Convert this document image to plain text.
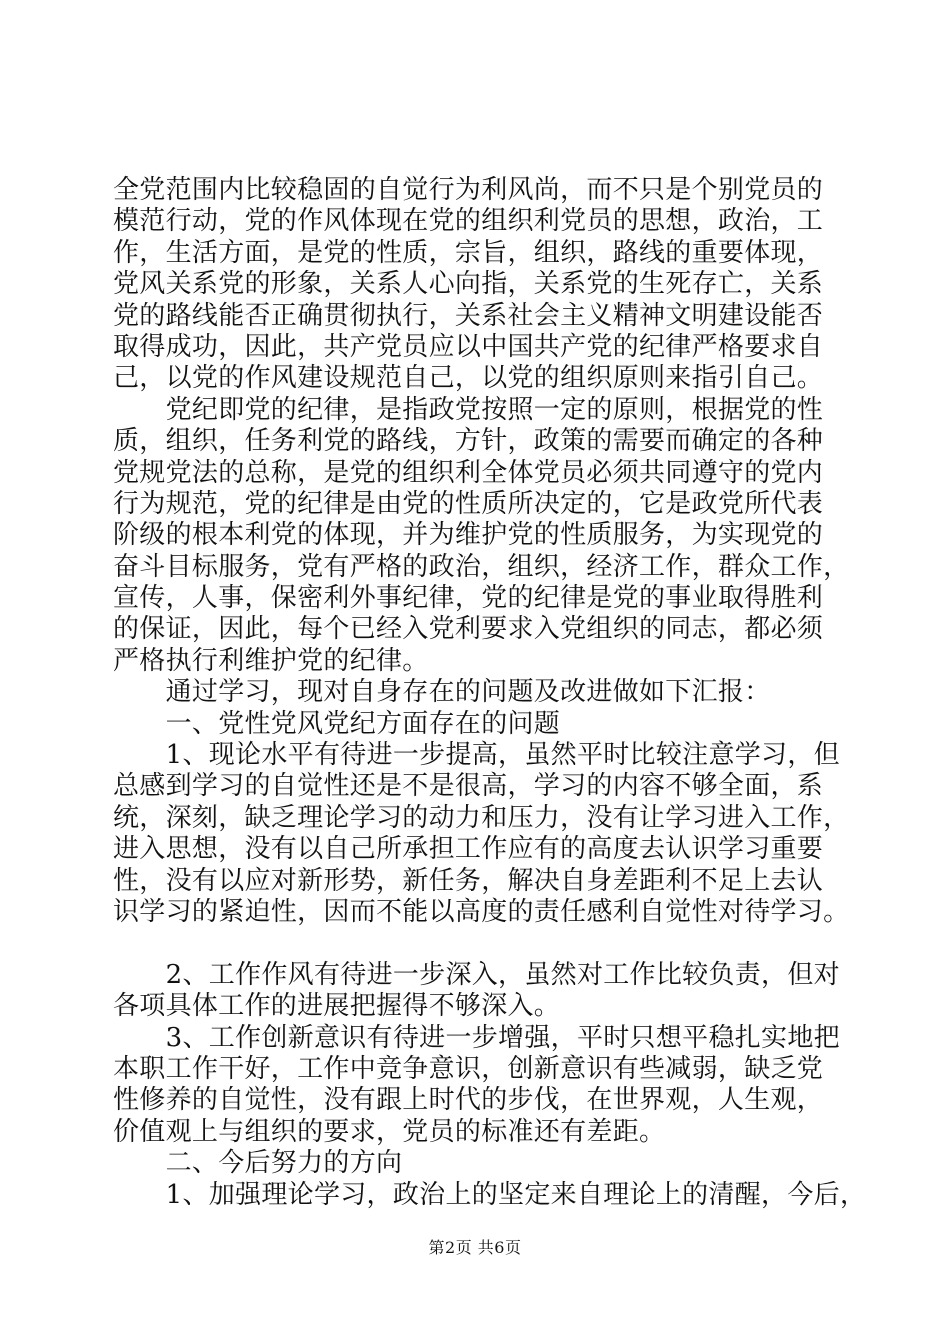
全党范围内比较稳固的自觉行为利风尚，而不只是个别党员的
模范行动，党的作风体现在党的组织利党员的思想，政治，工
作，生活方面，是党的性质，宗旨，组织，路线的重要体现，
党风关系党的形象，关系人心向指，关系党的生死存亡，关系
党的路线能否正确贯彻执行，关系社会主义精神文明建设能否
取得成功，因此，共产党员应以中国共产党的纪律严格要求自
己，以党的作风建设规范自己，以党的组织原则来指引自己。
　　党纪即党的纪律，是指政党按照一定的原则，根据党的性
质，组织，任务利党的路线，方针，政策的需要而确定的各种
党规党法的总称，是党的组织利全体党员必须共同遵守的党内
行为规范，党的纪律是由党的性质所决定的，它是政党所代表
阶级的根本利党的体现，并为维护党的性质服务，为实现党的
奋斗目标服务，党有严格的政治，组织，经济工作，群众工作，
宣传，人事，保密利外事纪律，党的纪律是党的事业取得胜利
的保证，因此，每个已经入党利要求入党组织的同志，都必须
严格执行利维护党的纪律。
　　通过学习，现对自身存在的问题及改进做如下汇报：
　　一、党性党风党纪方面存在的问题
　　1、现论水平有待进一步提高，虽然平时比较注意学习，但
总感到学习的自觉性还是不是很高，学习的内容不够全面，系
统，深刻，缺乏理论学习的动力和压力，没有让学习进入工作，
进入思想，没有以自己所承担工作应有的高度去认识学习重要
性，没有以应对新形势，新任务，解决自身差距利不足上去认
识学习的紧迫性，因而不能以高度的责任感利自觉性对待学习。
　　2、工作作风有待进一步深入，虽然对工作比较负责，但对
各项具体工作的进展把握得不够深入。
　　3、工作创新意识有待进一步增强，平时只想平稳扎实地把
本职工作干好，工作中竞争意识，创新意识有些减弱，缺乏党
性修养的自觉性，没有跟上时代的步伐，在世界观，人生观，
价值观上与组织的要求，党员的标准还有差距。
　　二、今后努力的方向
　　1、加强理论学习，政治上的坚定来自理论上的清醒，今后，
第2页 共6页
